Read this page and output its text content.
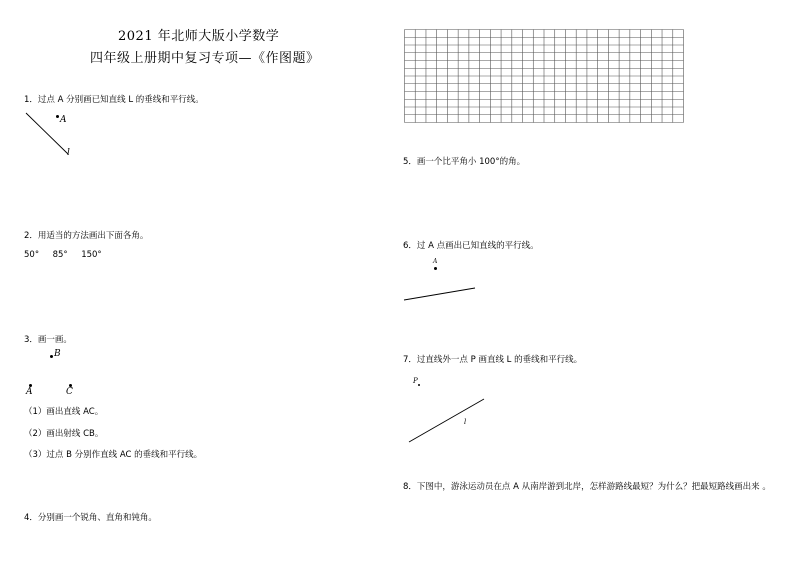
2021 年北师大版小学数学
四年级上册期中复习专项—《作图题》
1．过点 A 分别画已知直线 L 的垂线和平行线。
A
l
2．用适当的方法画出下面各角。
50° 85° 150°
3．画一画。
B
A	C
（1）画出直线 AC。
（2）画出射线 CB。
（3）过点 B 分别作直线 AC 的垂线和平行线。
4．分别画一个锐角、直角和钝角。
5．画一个比平角小 100°的角。
6．过 A 点画出已知直线的平行线。
A
7．过直线外一点 P 画直线 L 的垂线和平行线。
P
l
8．下图中，游泳运动员在点 A 从南岸游到北岸，怎样游路线最短？为什么？把最短路线画出来 。
